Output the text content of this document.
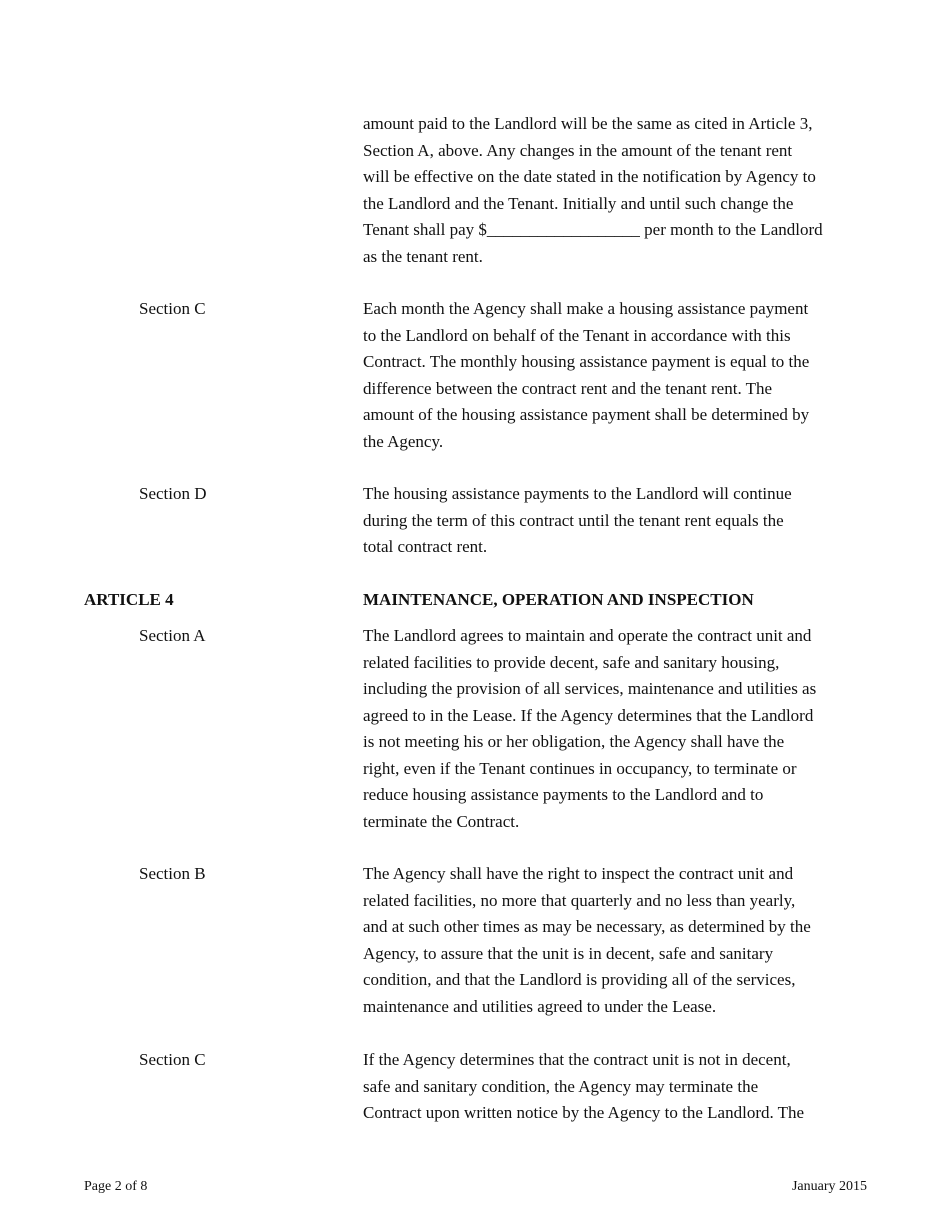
amount paid to the Landlord will be the same as cited in Article 3,
Section A, above. Any changes in the amount of the tenant rent
will be effective on the date stated in the notification by Agency to
the Landlord and the Tenant. Initially and until such change the
Tenant shall pay $__________________ per month to the Landlord
as the tenant rent.
Section C	Each month the Agency shall make a housing assistance payment
to the Landlord on behalf of the Tenant in accordance with this
Contract. The monthly housing assistance payment is equal to the
difference between the contract rent and the tenant rent. The
amount of the housing assistance payment shall be determined by
the Agency.
Section D	The housing assistance payments to the Landlord will continue
during the term of this contract until the tenant rent equals the
total contract rent.
ARTICLE 4	MAINTENANCE, OPERATION AND INSPECTION
Section A	The Landlord agrees to maintain and operate the contract unit and
related facilities to provide decent, safe and sanitary housing,
including the provision of all services, maintenance and utilities as
agreed to in the Lease. If the Agency determines that the Landlord
is not meeting his or her obligation, the Agency shall have the
right, even if the Tenant continues in occupancy, to terminate or
reduce housing assistance payments to the Landlord and to
terminate the Contract.
Section B	The Agency shall have the right to inspect the contract unit and
related facilities, no more that quarterly and no less than yearly,
and at such other times as may be necessary, as determined by the
Agency, to assure that the unit is in decent, safe and sanitary
condition, and that the Landlord is providing all of the services,
maintenance and utilities agreed to under the Lease.
Section C	If the Agency determines that the contract unit is not in decent,
safe and sanitary condition, the Agency may terminate the
Contract upon written notice by the Agency to the Landlord. The
Page 2 of 8	January 2015
